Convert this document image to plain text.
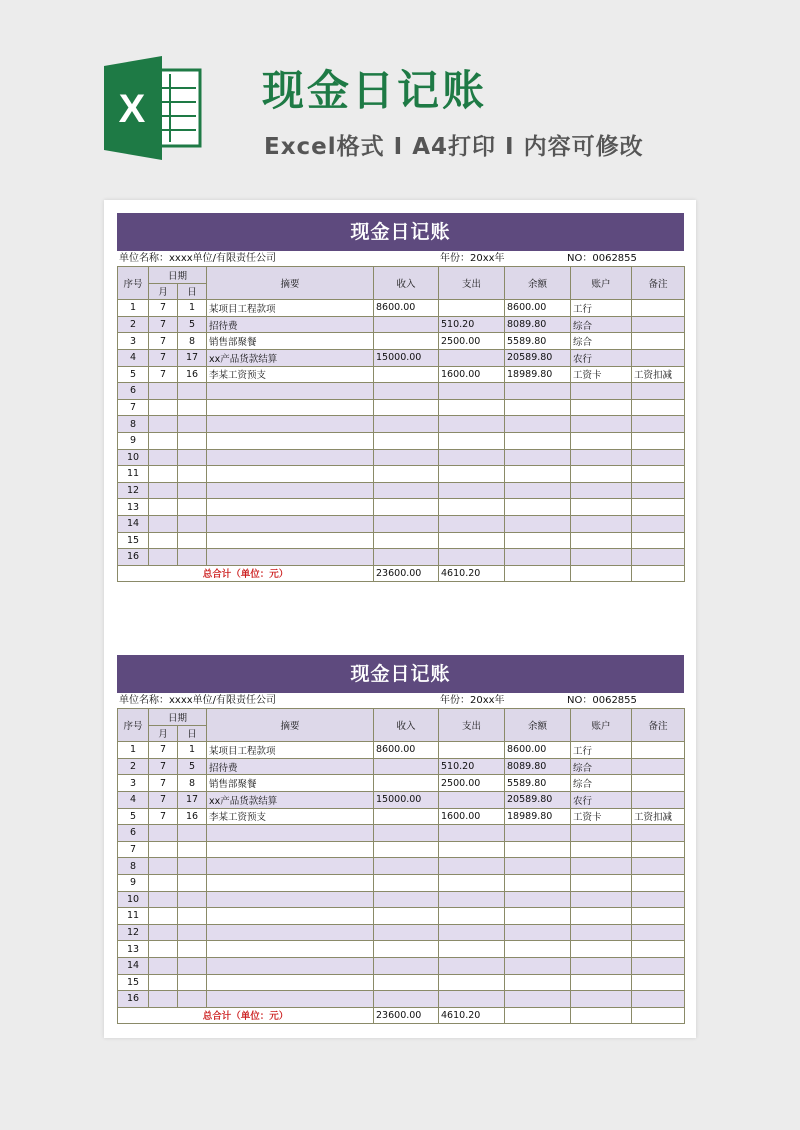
X	现金日记账
Excel格式 I A4打印 I 内容可修改
现金日记账
单位名称：xxxx单位/有限责任公司	年份：20xx年	NO：0062855
序号	日期		摘要	收入	支出	余额	账户	备注
	月	日						
1	7	1	某项目工程款项	8600.00		8600.00	工行	
2	7	5	招待费		510.20	8089.80	综合	
3	7	8	销售部聚餐		2500.00	5589.80	综合	
4	7	17	xx产品货款结算	15000.00		20589.80	农行	
5	7	16	李某工资预支		1600.00	18989.80	工资卡	工资扣减
6								
7								
8								
9								
10								
11								
12								
13								
14								
15								
16								
总合计（单位：元）				23600.00	4610.20			
现金日记账
单位名称：xxxx单位/有限责任公司	年份：20xx年	NO：0062855
序号	日期		摘要	收入	支出	余额	账户	备注
	月	日						
1	7	1	某项目工程款项	8600.00		8600.00	工行	
2	7	5	招待费		510.20	8089.80	综合	
3	7	8	销售部聚餐		2500.00	5589.80	综合	
4	7	17	xx产品货款结算	15000.00		20589.80	农行	
5	7	16	李某工资预支		1600.00	18989.80	工资卡	工资扣减
6								
7								
8								
9								
10								
11								
12								
13								
14								
15								
16								
总合计（单位：元）				23600.00	4610.20			
